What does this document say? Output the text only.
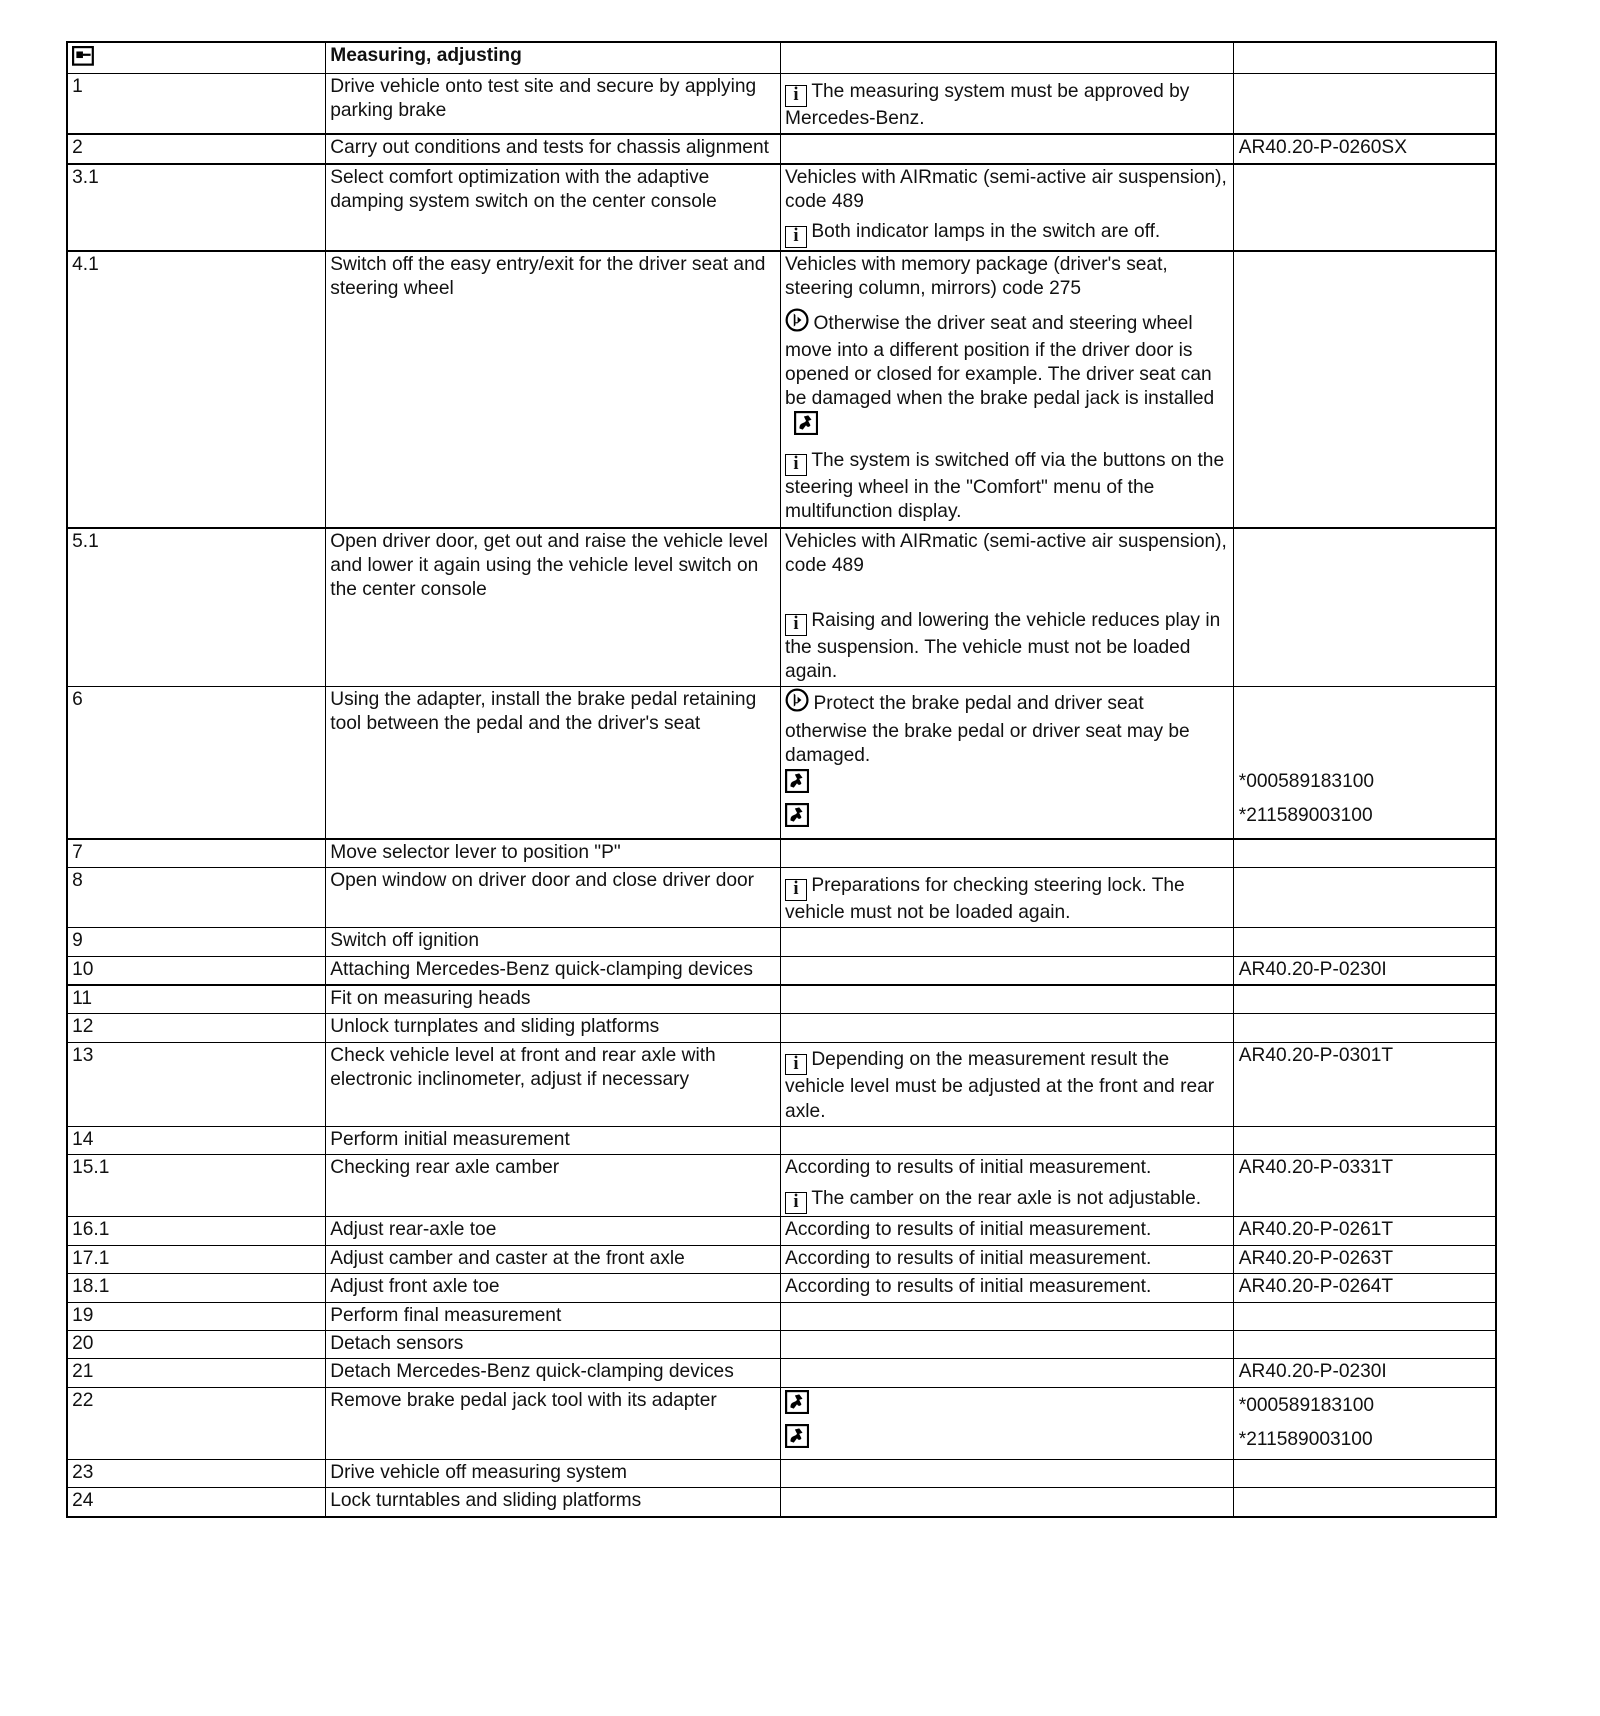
	Measuring, adjusting		
1	Drive vehicle onto test site and secure by applying parking brake	i The measuring system must be approved by Mercedes-Benz.	

2	Carry out conditions and tests for chassis alignment		AR40.20-P-0260SX

3.1	Select comfort optimization with the adaptive damping system switch on the center console	Vehicles with AIRmatic (semi-active air suspension), code 489
i Both indicator lamps in the switch are off.	

4.1	Switch off the easy entry/exit for the driver seat and steering wheel	Vehicles with memory package (driver's seat, steering column, mirrors) code 275
Otherwise the driver seat and steering wheel move into a different position if the driver door is opened or closed for example. The driver seat can be damaged when the brake pedal jack is installed
i The system is switched off via the buttons on the steering wheel in the "Comfort" menu of the multifunction display.	

5.1	Open driver door, get out and raise the vehicle level and lower it again using the vehicle level switch on the center console	Vehicles with AIRmatic (semi-active air suspension), code 489
i Raising and lowering the vehicle reduces play in the suspension. The vehicle must not be loaded again.	

6	Using the adapter, install the brake pedal retaining tool between the pedal and the driver's seat	Protect the brake pedal and driver seat otherwise the brake pedal or driver seat may be damaged.	*000589183100
*211589003100

7	Move selector lever to position "P"		
8	Open window on driver door and close driver door	i Preparations for checking steering lock. The vehicle must not be loaded again.	

9	Switch off ignition		
10	Attaching Mercedes-Benz quick-clamping devices		AR40.20-P-0230I

11	Fit on measuring heads		
12	Unlock turnplates and sliding platforms		
13	Check vehicle level at front and rear axle with electronic inclinometer, adjust if necessary	i Depending on the measurement result the vehicle level must be adjusted at the front and rear axle.	AR40.20-P-0301T

14	Perform initial measurement		
15.1	Checking rear axle camber	According to results of initial measurement.
i The camber on the rear axle is not adjustable.	AR40.20-P-0331T

16.1	Adjust rear-axle toe	According to results of initial measurement.	AR40.20-P-0261T

17.1	Adjust camber and caster at the front axle	According to results of initial measurement.	AR40.20-P-0263T

18.1	Adjust front axle toe	According to results of initial measurement.	AR40.20-P-0264T

19	Perform final measurement		
20	Detach sensors		
21	Detach Mercedes-Benz quick-clamping devices		AR40.20-P-0230I

22	Remove brake pedal jack tool with its adapter		*000589183100
*211589003100

23	Drive vehicle off measuring system		
24	Lock turntables and sliding platforms		
